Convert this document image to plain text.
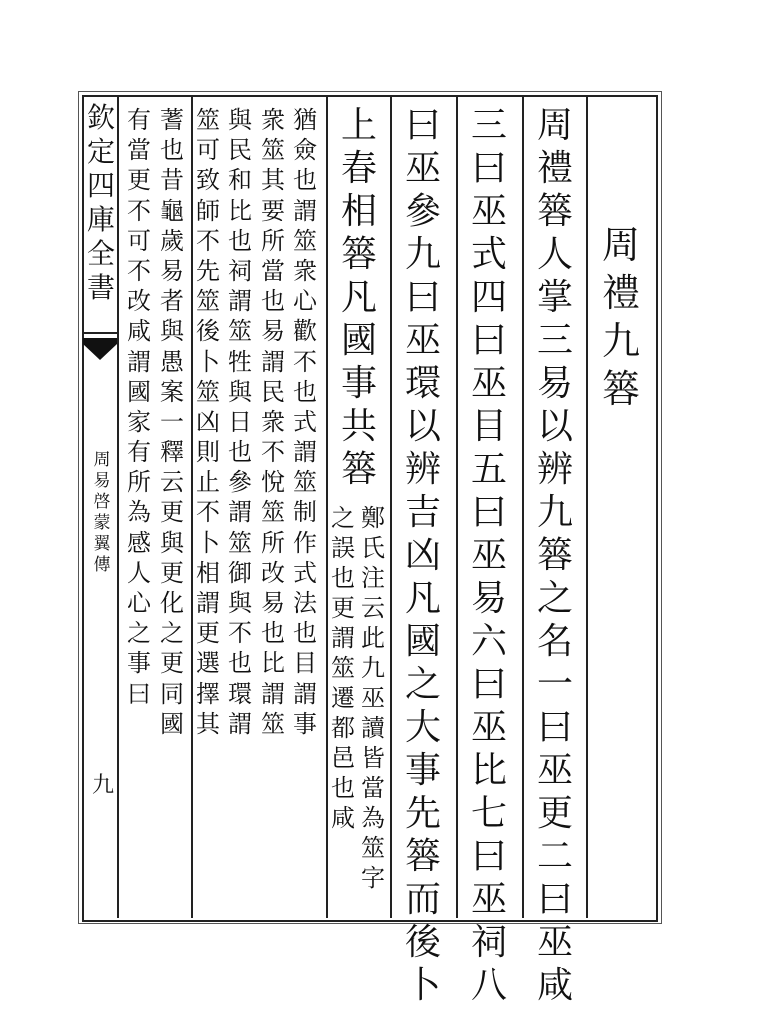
欽
定
四
庫
全
書
周
易
啓
蒙
翼
傳
九
周
禮
九
簭
周
禮
簭
人
掌
三
易
以
辨
九
簭
之
名
一
曰
巫
更
二
曰
巫
咸
三
曰
巫
式
四
曰
巫
目
五
曰
巫
易
六
曰
巫
比
七
曰
巫
祠
八
曰
巫
參
九
曰
巫
環
以
辨
吉
凶
凡
國
之
大
事
先
簭
而
後
卜
上
春
相
簭
凡
國
事
共
簭
鄭
氏
注
云
此
九
巫
讀
皆
當
為
筮
字
之
誤
也
更
謂
筮
遷
都
邑
也
咸
猶
僉
也
謂
筮
衆
心
歡
不
也
式
謂
筮
制
作
式
法
也
目
謂
事
衆
筮
其
要
所
當
也
易
謂
民
衆
不
悅
筮
所
改
易
也
比
謂
筮
與
民
和
比
也
祠
謂
筮
牲
與
日
也
參
謂
筮
御
與
不
也
環
謂
筮
可
致
師
不
先
筮
後
卜
筮
凶
則
止
不
卜
相
謂
更
選
擇
其
蓍
也
昔
龜
歲
易
者
與
愚
案
一
釋
云
更
與
更
化
之
更
同
國
有
當
更
不
可
不
改
咸
謂
國
家
有
所
為
感
人
心
之
事
曰
